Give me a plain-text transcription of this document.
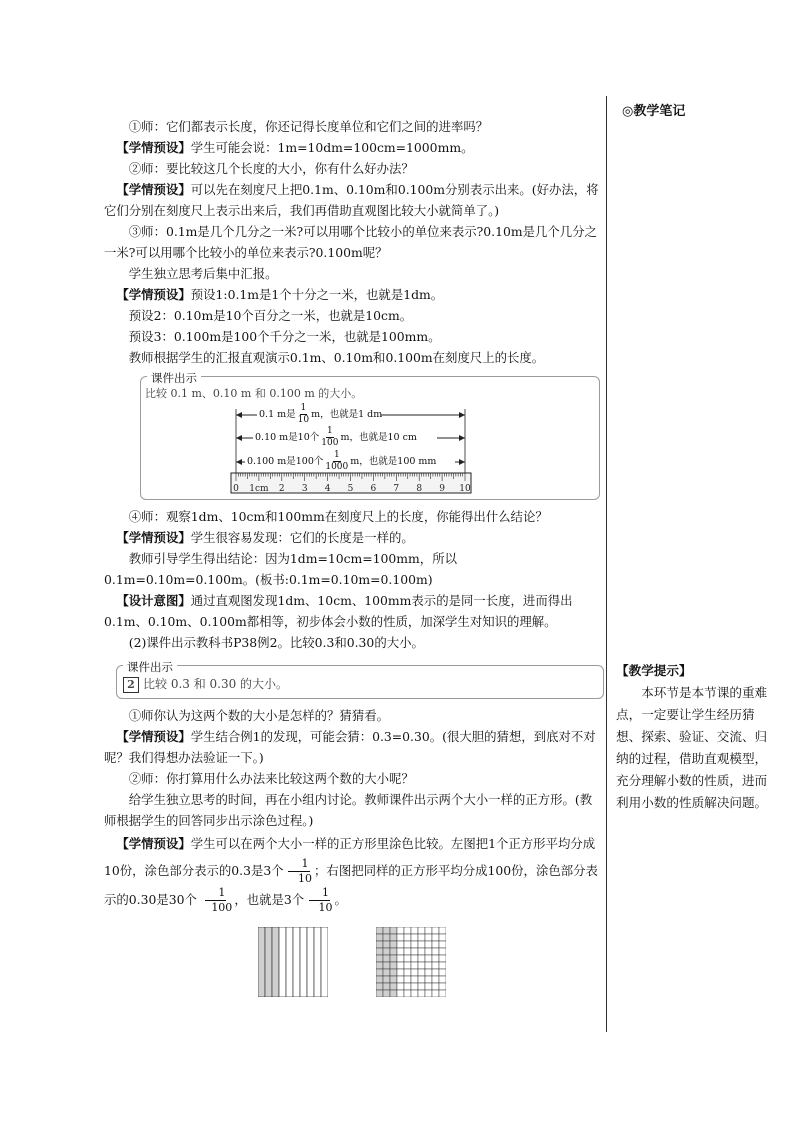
◎教学笔记
【教学提示】
本环节是本节课的重难点，一定要让学生经历猜想、探索、验证、交流、归纳的过程，借助直观模型，充分理解小数的性质，进而利用小数的性质解决问题。

①师：它们都表示长度，你还记得长度单位和它们之间的进率吗？

【学情预设】学生可能会说：1m=10dm=100cm=1000mm。

②师：要比较这几个长度的大小，你有什么好办法？

【学情预设】可以先在刻度尺上把0.1m、0.10m和0.100m分别表示出来。(好办法，将它们分别在刻度尺上表示出来后，我们再借助直观图比较大小就简单了。)

③师：0.1m是几个几分之一米?可以用哪个比较小的单位来表示?0.10m是几个几分之一米?可以用哪个比较小的单位来表示?0.100m呢？

学生独立思考后集中汇报。

【学情预设】预设1:0.1m是1个十分之一米，也就是1dm。

预设2：0.10m是10个百分之一米，也就是10cm。

预设3：0.100m是100个千分之一米，也就是100mm。

教师根据学生的汇报直观演示0.1m、0.10m和0.100m在刻度尺上的长度。

课件出示
比较 0.1 m、0.10 m 和 0.100 m 的大小。
0 1cm 2 3 4 5 6 7 8 9 10
0.1 m是 $\frac{1}{10}$ m，也就是1 dm
0.10 m是10个 $\frac{1}{100}$ m，也就是10 cm
0.100 m是100个 $\frac{1}{1000}$ m，也就是100 mm

④师：观察1dm、10cm和100mm在刻度尺上的长度，你能得出什么结论？

【学情预设】学生很容易发现：它们的长度是一样的。

教师引导学生得出结论：因为1dm=10cm=100mm，所以0.1m=0.10m=0.100m。(板书:0.1m=0.10m=0.100m)

【设计意图】通过直观图发现1dm、10cm、100mm表示的是同一长度，进而得出0.1m、0.10m、0.100m都相等，初步体会小数的性质，加深学生对知识的理解。

(2)课件出示教科书P38例2。比较0.3和0.30的大小。

课件出示
2 比较 0.3 和 0.30 的大小。

①师你认为这两个数的大小是怎样的？猜猜看。

【学情预设】学生结合例1的发现，可能会猜：0.3=0.30。(很大胆的猜想，到底对不对呢？我们得想办法验证一下。)

②师：你打算用什么办法来比较这两个数的大小呢？

给学生独立思考的时间，再在小组内讨论。教师课件出示两个大小一样的正方形。(教师根据学生的回答同步出示涂色过程。)

【学情预设】学生可以在两个大小一样的正方形里涂色比较。左图把1个正方形平均分成10份，涂色部分表示的0.3是3个 $\frac{1}{10}$ ；右图把同样的正方形平均分成100份，涂色部分表示的0.30是30个 $\frac{1}{100}$ ，也就是3个 $\frac{1}{10}$ 。
